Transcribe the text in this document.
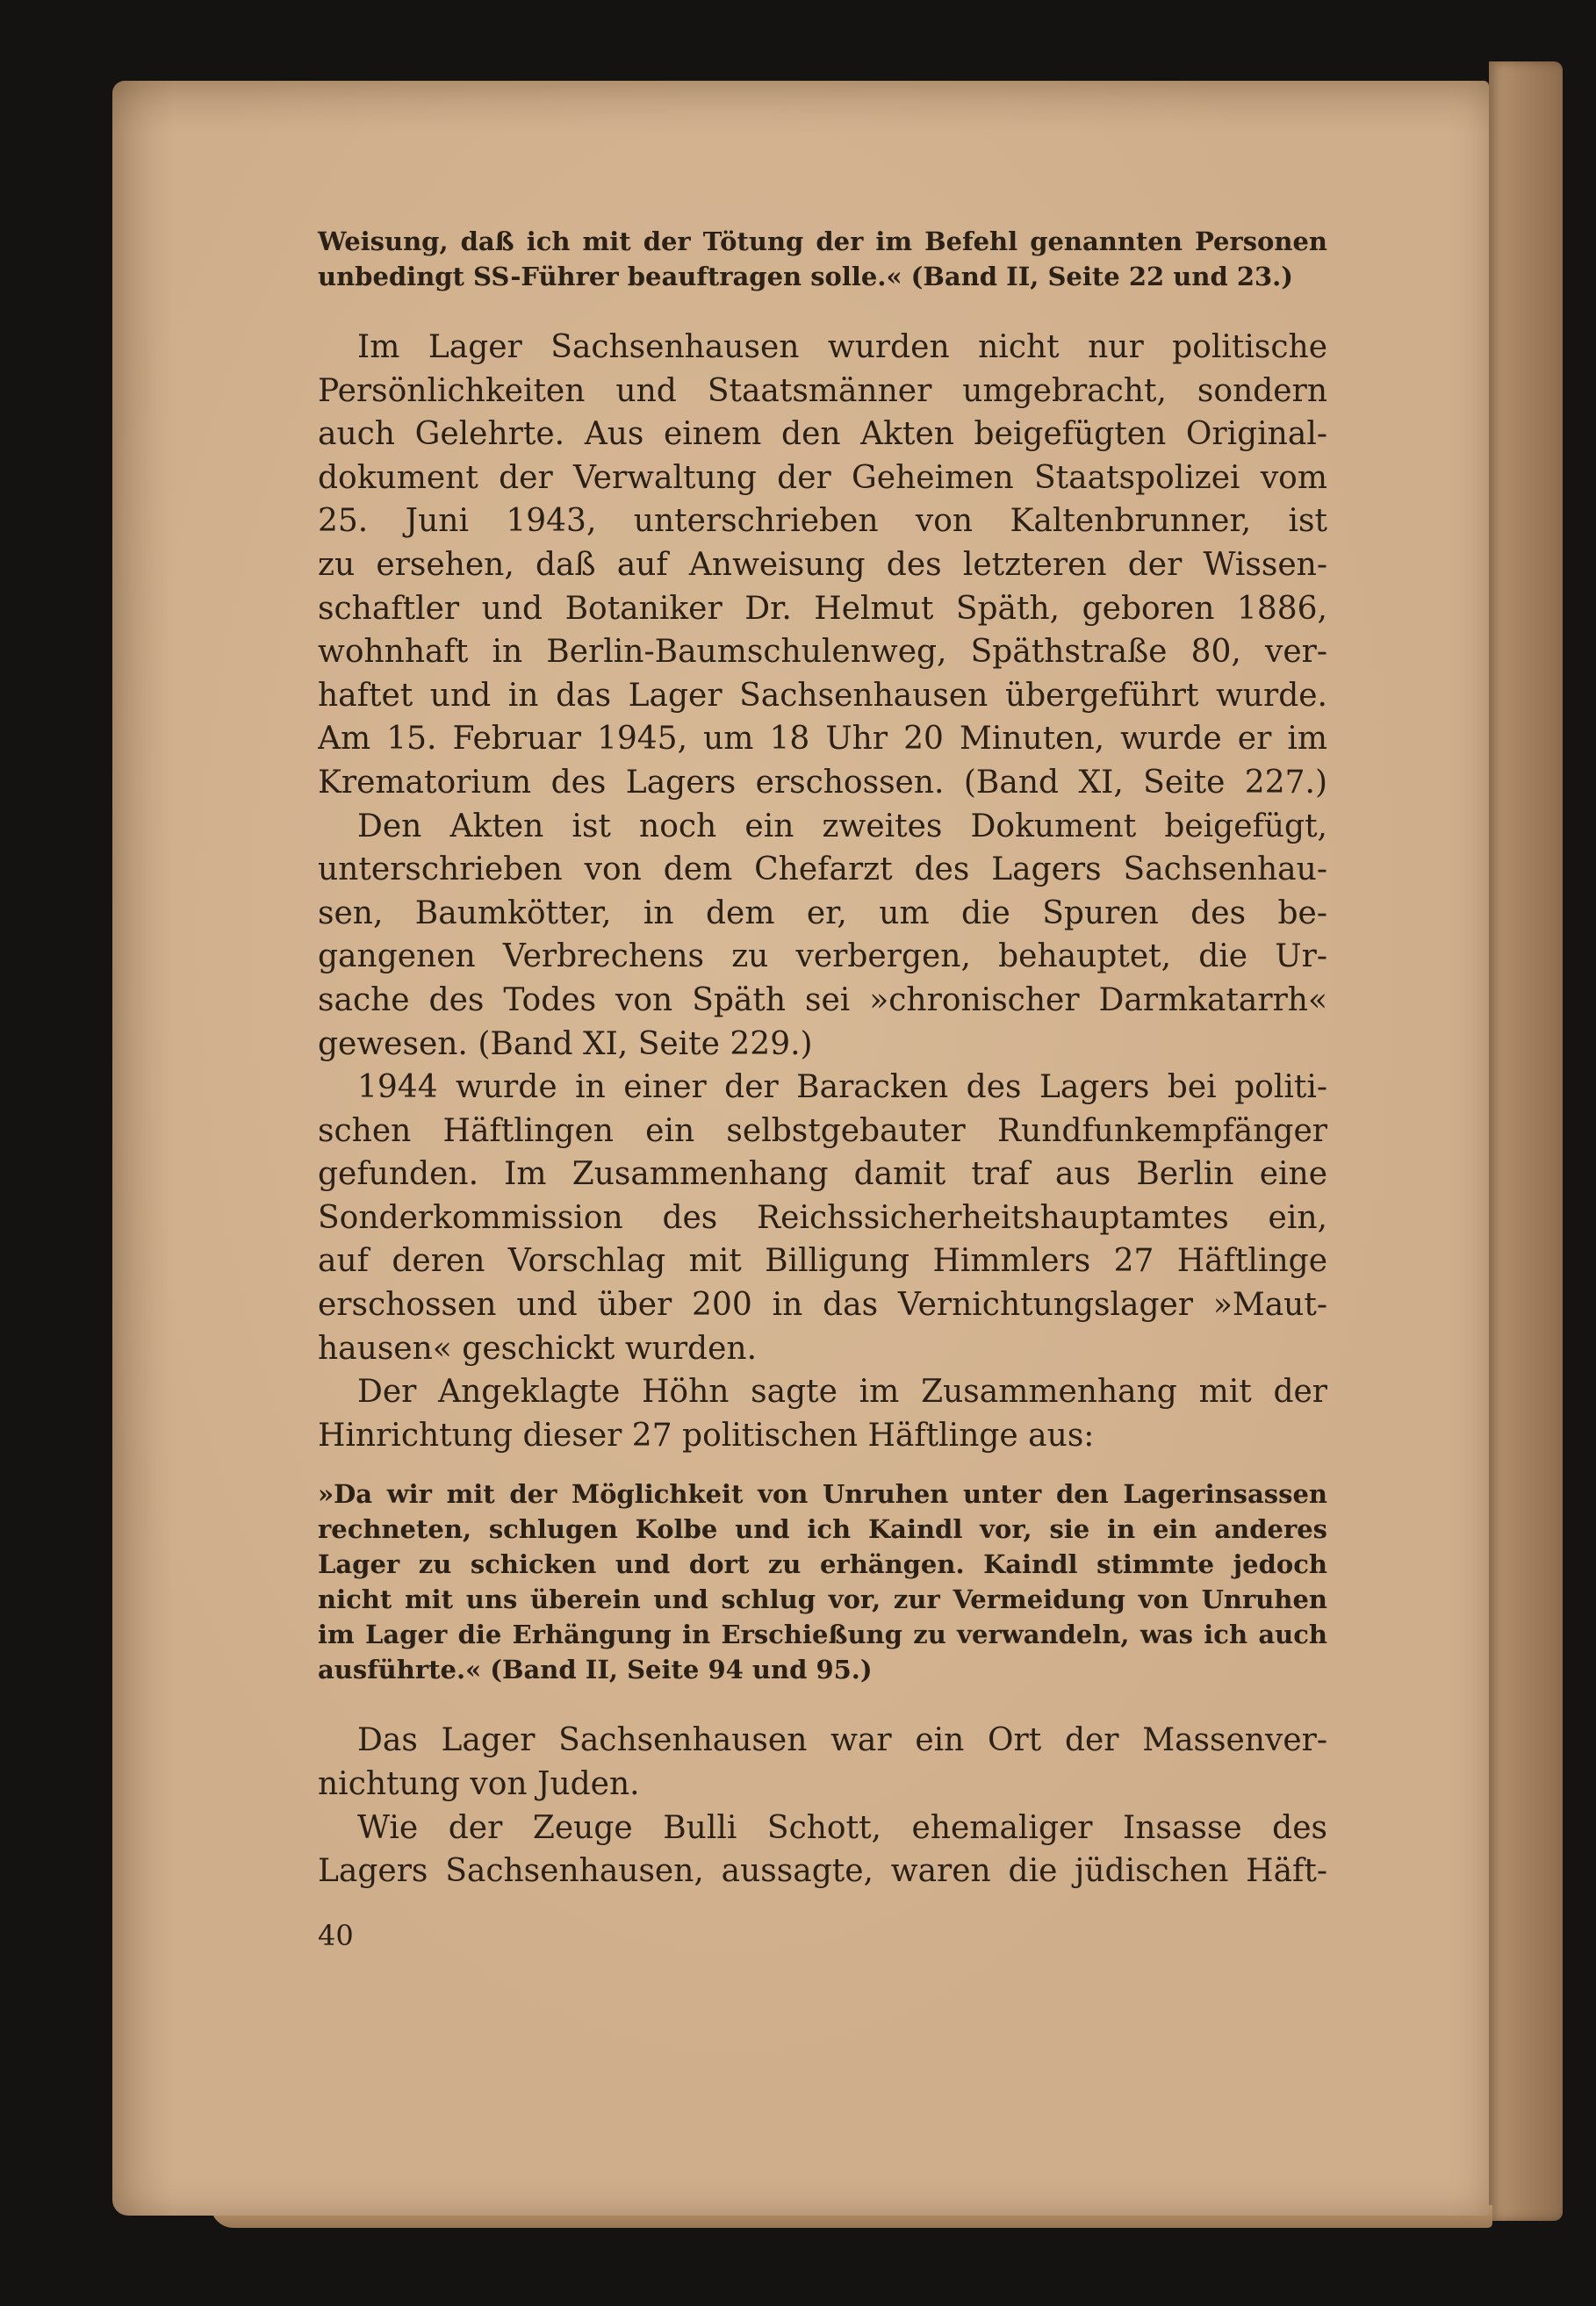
Weisung, daß ich mit der Tötung der im Befehl genannten Personen

unbedingt SS-Führer beauftragen solle.« (Band II, Seite 22 und 23.)

Im Lager Sachsenhausen wurden nicht nur politische

Persönlichkeiten und Staatsmänner umgebracht, sondern

auch Gelehrte. Aus einem den Akten beigefügten Original-

dokument der Verwaltung der Geheimen Staatspolizei vom

25. Juni 1943, unterschrieben von Kaltenbrunner, ist

zu ersehen, daß auf Anweisung des letzteren der Wissen-

schaftler und Botaniker Dr. Helmut Späth, geboren 1886,

wohnhaft in Berlin-Baumschulenweg, Späthstraße 80, ver-

haftet und in das Lager Sachsenhausen übergeführt wurde.

Am 15. Februar 1945, um 18 Uhr 20 Minuten, wurde er im

Krematorium des Lagers erschossen. (Band XI, Seite 227.)

Den Akten ist noch ein zweites Dokument beigefügt,

unterschrieben von dem Chefarzt des Lagers Sachsenhau-

sen, Baumkötter, in dem er, um die Spuren des be-

gangenen Verbrechens zu verbergen, behauptet, die Ur-

sache des Todes von Späth sei »chronischer Darmkatarrh«

gewesen. (Band XI, Seite 229.)

1944 wurde in einer der Baracken des Lagers bei politi-

schen Häftlingen ein selbstgebauter Rundfunkempfänger

gefunden. Im Zusammenhang damit traf aus Berlin eine

Sonderkommission des Reichssicherheitshauptamtes ein,

auf deren Vorschlag mit Billigung Himmlers 27 Häftlinge

erschossen und über 200 in das Vernichtungslager »Maut-

hausen« geschickt wurden.

Der Angeklagte Höhn sagte im Zusammenhang mit der

Hinrichtung dieser 27 politischen Häftlinge aus:

»Da wir mit der Möglichkeit von Unruhen unter den Lagerinsassen

rechneten, schlugen Kolbe und ich Kaindl vor, sie in ein anderes

Lager zu schicken und dort zu erhängen. Kaindl stimmte jedoch

nicht mit uns überein und schlug vor, zur Vermeidung von Unruhen

im Lager die Erhängung in Erschießung zu verwandeln, was ich auch

ausführte.« (Band II, Seite 94 und 95.)

Das Lager Sachsenhausen war ein Ort der Massenver-

nichtung von Juden.

Wie der Zeuge Bulli Schott, ehemaliger Insasse des

Lagers Sachsenhausen, aussagte, waren die jüdischen Häft-

40
